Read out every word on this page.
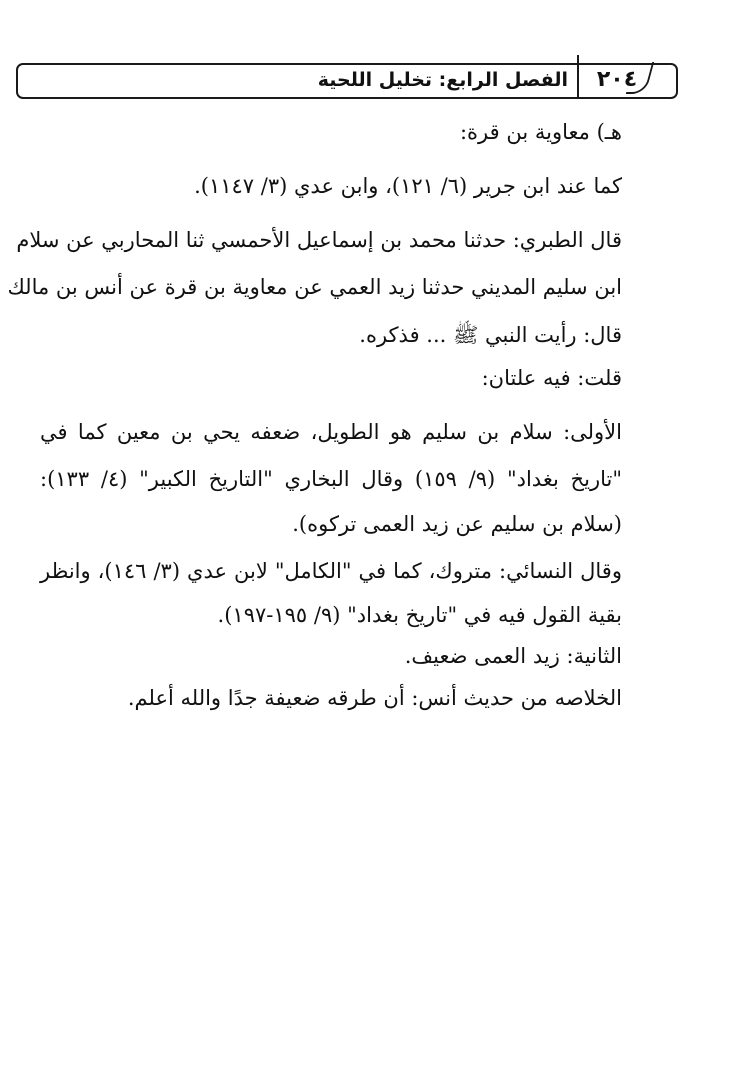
٢٠٤
الفصل الرابع: تخليل اللحية
هـ) معاوية بن قرة:
كما عند ابن جرير (٦/ ١٢١)، وابن عدي (٣/ ١١٤٧).
قال الطبري: حدثنا محمد بن إسماعيل الأحمسي ثنا المحاربي عن سلام
ابن سليم المديني حدثنا زيد العمي عن معاوية بن قرة عن أنس بن مالك
قال: رأيت النبي ﷺ ... فذكره.
قلت: فيه علتان:
الأولى: سلام بن سليم هو الطويل، ضعفه يحي بن معين كما في
"تاريخ بغداد" (٩/ ١٥٩) وقال البخاري "التاريخ الكبير" (٤/ ١٣٣):
(سلام بن سليم عن زيد العمى تركوه).
وقال النسائي: متروك، كما في "الكامل" لابن عدي (٣/ ١٤٦)، وانظر
بقية القول فيه في "تاريخ بغداد" (٩/ ١٩٥-١٩٧).
الثانية: زيد العمى ضعيف.
الخلاصه من حديث أنس: أن طرقه ضعيفة جدًا والله أعلم.
